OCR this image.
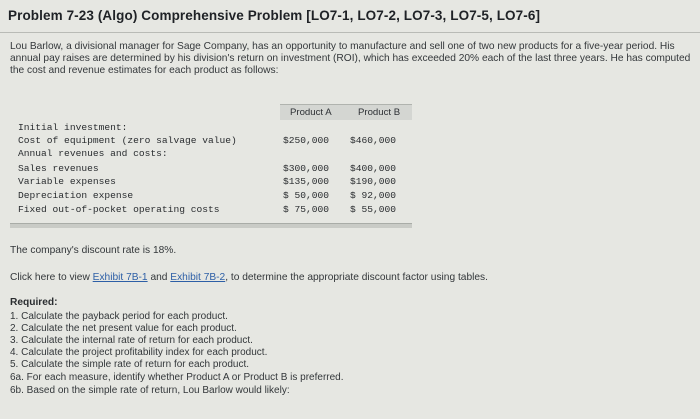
Problem 7-23 (Algo) Comprehensive Problem [LO7-1, LO7-2, LO7-3, LO7-5, LO7-6]
Lou Barlow, a divisional manager for Sage Company, has an opportunity to manufacture and sell one of two new products for a five-year period. His annual pay raises are determined by his division's return on investment (ROI), which has exceeded 20% each of the last three years. He has computed the cost and revenue estimates for each product as follows:
Product A	Product B
Initial investment:
Cost of equipment (zero salvage value)	$250,000 $460,000
Annual revenues and costs:
Sales revenues	$300,000 $400,000
Variable expenses	$135,000 $190,000
Depreciation expense	$ 50,000 $ 92,000
Fixed out-of-pocket operating costs	$ 75,000 $ 55,000
The company's discount rate is 18%.
Click here to view Exhibit 7B-1 and Exhibit 7B-2, to determine the appropriate discount factor using tables.
Required:
1. Calculate the payback period for each product.
2. Calculate the net present value for each product.
3. Calculate the internal rate of return for each product.
4. Calculate the project profitability index for each product.
5. Calculate the simple rate of return for each product.
6a. For each measure, identify whether Product A or Product B is preferred.
6b. Based on the simple rate of return, Lou Barlow would likely:
